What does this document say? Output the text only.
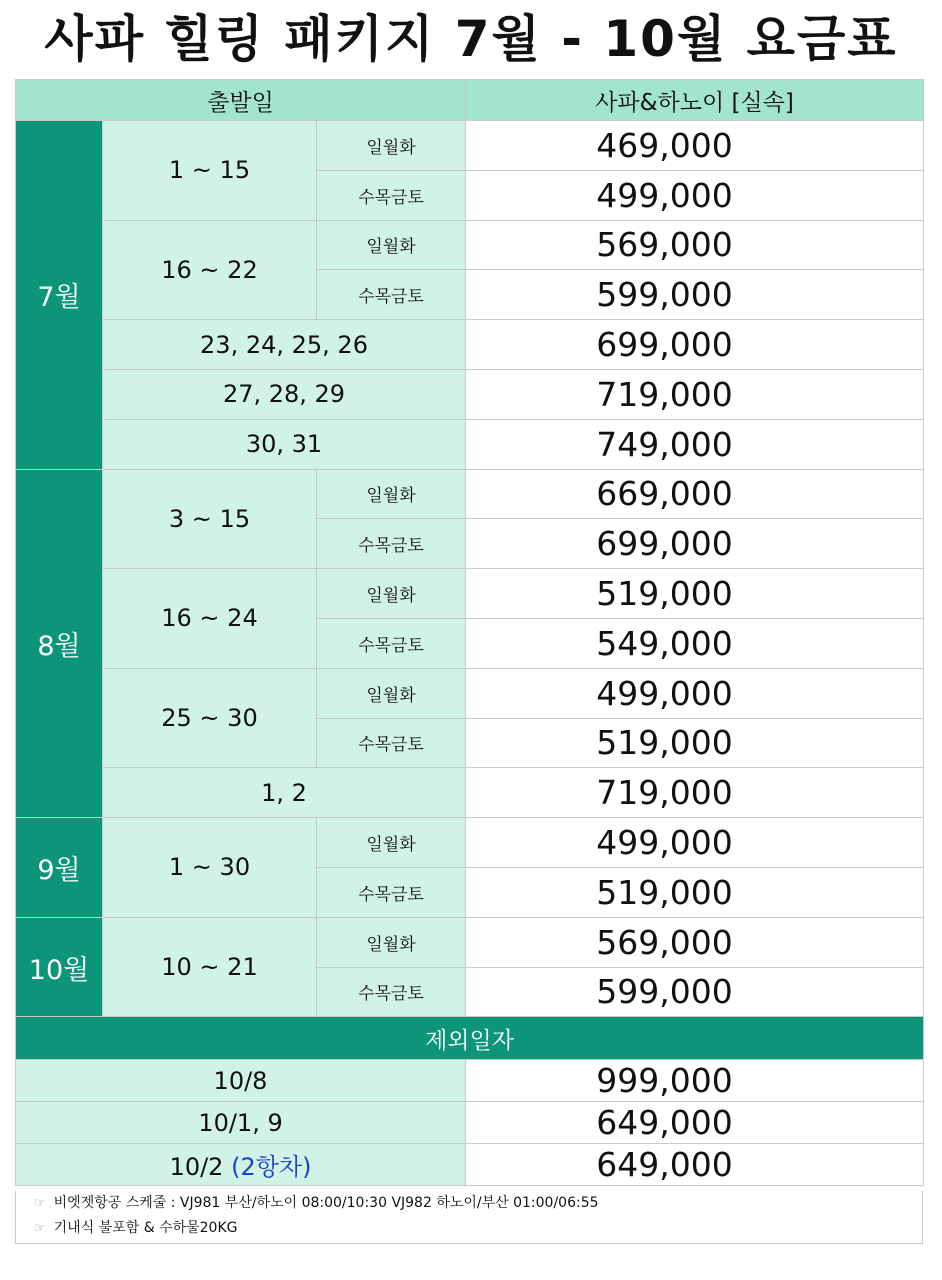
사파 힐링 패키지 7월 - 10월 요금표
출발일			사파&하노이 [실속]
7월	1 ~ 15	일월화	469,000
		수목금토	499,000
	16 ~ 22	일월화	569,000
		수목금토	599,000
	23, 24, 25, 26		699,000
	27, 28, 29		719,000
	30, 31		749,000
8월	3 ~ 15	일월화	669,000
		수목금토	699,000
	16 ~ 24	일월화	519,000
		수목금토	549,000
	25 ~ 30	일월화	499,000
		수목금토	519,000
	1, 2		719,000
9월	1 ~ 30	일월화	499,000
		수목금토	519,000
10월	10 ~ 21	일월화	569,000
		수목금토	599,000
제외일자			
10/8			999,000
10/1, 9			649,000
10/2 (2항차)			649,000
☞ 비엣젯항공 스케줄 : VJ981 부산/하노이 08:00/10:30 VJ982 하노이/부산 01:00/06:55
☞ 기내식 불포함 & 수하물20KG
